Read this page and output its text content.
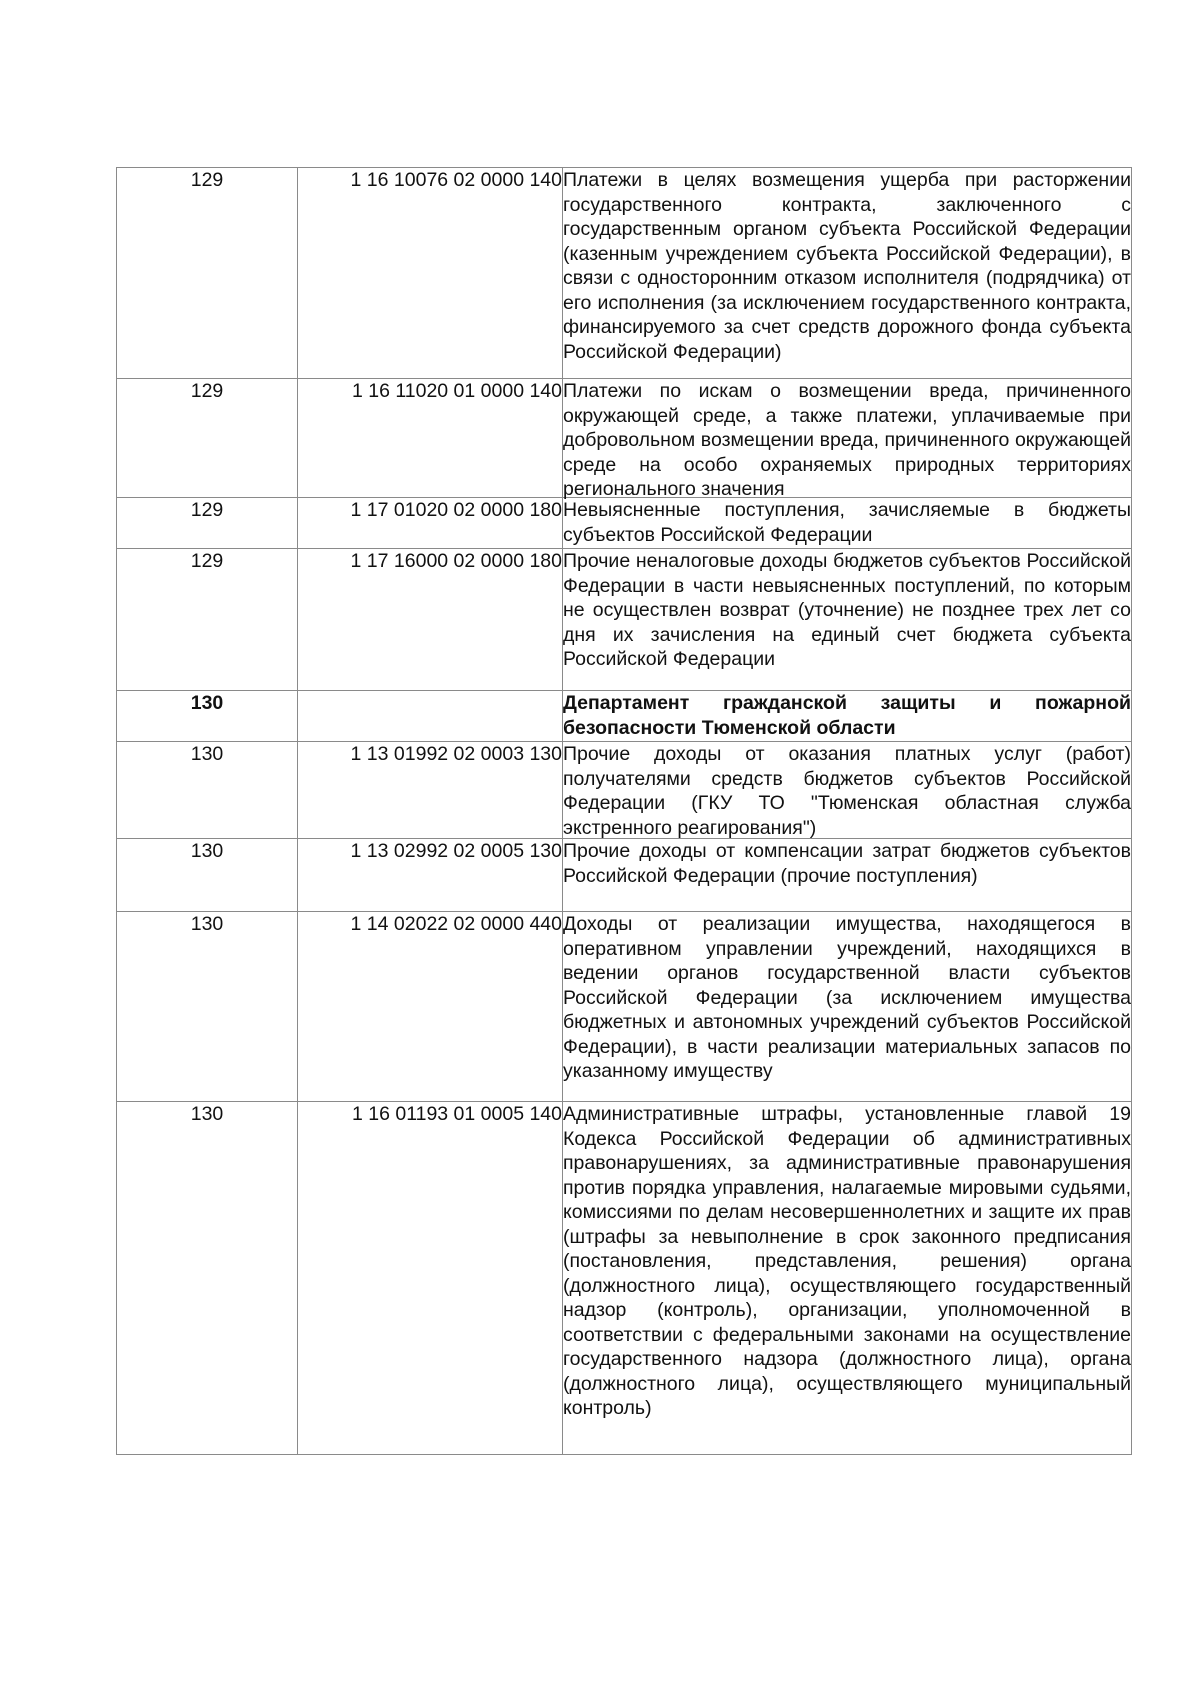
129	1 16 10076 02 0000 140	Платежи в целях возмещения ущерба при расторжении государственного контракта, заключенного с государственным органом субъекта Российской Федерации (казенным учреждением субъекта Российской Федерации), в связи с односторонним отказом исполнителя (подрядчика) от его исполнения (за исключением государственного контракта, финансируемого за счет средств дорожного фонда субъекта Российской Федерации)

129	1 16 11020 01 0000 140	Платежи по искам о возмещении вреда, причиненного окружающей среде, а также платежи, уплачиваемые при добровольном возмещении вреда, причиненного окружающей среде на особо охраняемых природных территориях регионального значения

129	1 17 01020 02 0000 180	Невыясненные поступления, зачисляемые в бюджеты субъектов Российской Федерации

129	1 17 16000 02 0000 180	Прочие неналоговые доходы бюджетов субъектов Российской Федерации в части невыясненных поступлений, по которым не осуществлен возврат (уточнение) не позднее трех лет со дня их зачисления на единый счет бюджета субъекта Российской Федерации

130		Департамент гражданской защиты и пожарной безопасности Тюменской области

130	1 13 01992 02 0003 130	Прочие доходы от оказания платных услуг (работ) получателями средств бюджетов субъектов Российской Федерации (ГКУ ТО "Тюменская областная служба экстренного реагирования")

130	1 13 02992 02 0005 130	Прочие доходы от компенсации затрат бюджетов субъектов Российской Федерации (прочие поступления)

130	1 14 02022 02 0000 440	Доходы от реализации имущества, находящегося в оперативном управлении учреждений, находящихся в ведении органов государственной власти субъектов Российской Федерации (за исключением имущества бюджетных и автономных учреждений субъектов Российской Федерации), в части реализации материальных запасов по указанному имуществу

130	1 16 01193 01 0005 140	Административные штрафы, установленные главой 19 Кодекса Российской Федерации об административных правонарушениях, за административные правонарушения против порядка управления, налагаемые мировыми судьями, комиссиями по делам несовершеннолетних и защите их прав (штрафы за невыполнение в срок законного предписания (постановления, представления, решения) органа (должностного лица), осуществляющего государственный надзор (контроль), организации, уполномоченной в соответствии с федеральными законами на осуществление государственного надзора (должностного лица), органа (должностного лица), осуществляющего муниципальный контроль)
